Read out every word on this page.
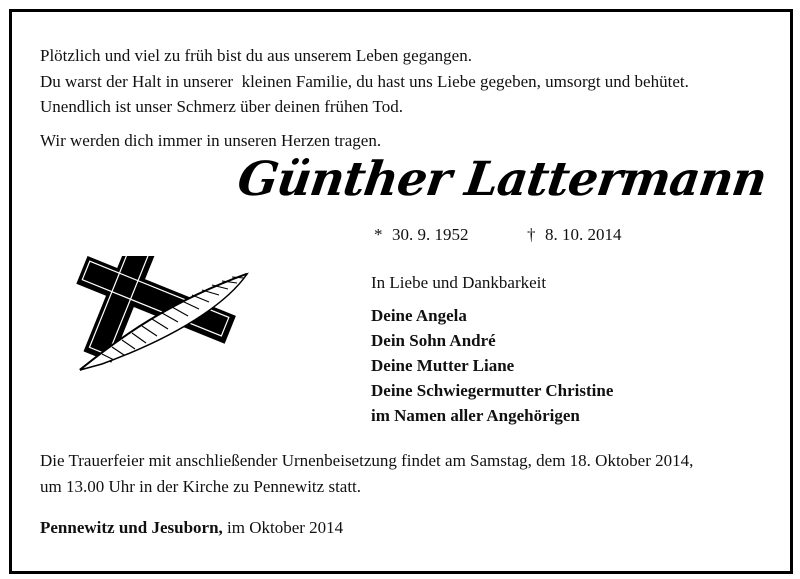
Plötzlich und viel zu früh bist du aus unserem Leben gegangen.

Du warst der Halt in unserer  kleinen Familie, du hast uns Liebe gegeben, umsorgt und behütet.

Unendlich ist unser Schmerz über deinen frühen Tod.

Wir werden dich immer in unseren Herzen tragen.

Günther Lattermann
* 30. 9. 1952	† 8. 10. 2014

In Liebe und Dankbarkeit

Deine Angela
Dein Sohn André
Deine Mutter Liane
Deine Schwiegermutter Christine
im Namen aller Angehörigen

Die Trauerfeier mit anschließender Urnenbeisetzung findet am Samstag, dem 18. Oktober 2014,

um 13.00 Uhr in der Kirche zu Pennewitz statt.

Pennewitz und Jesuborn, im Oktober 2014
